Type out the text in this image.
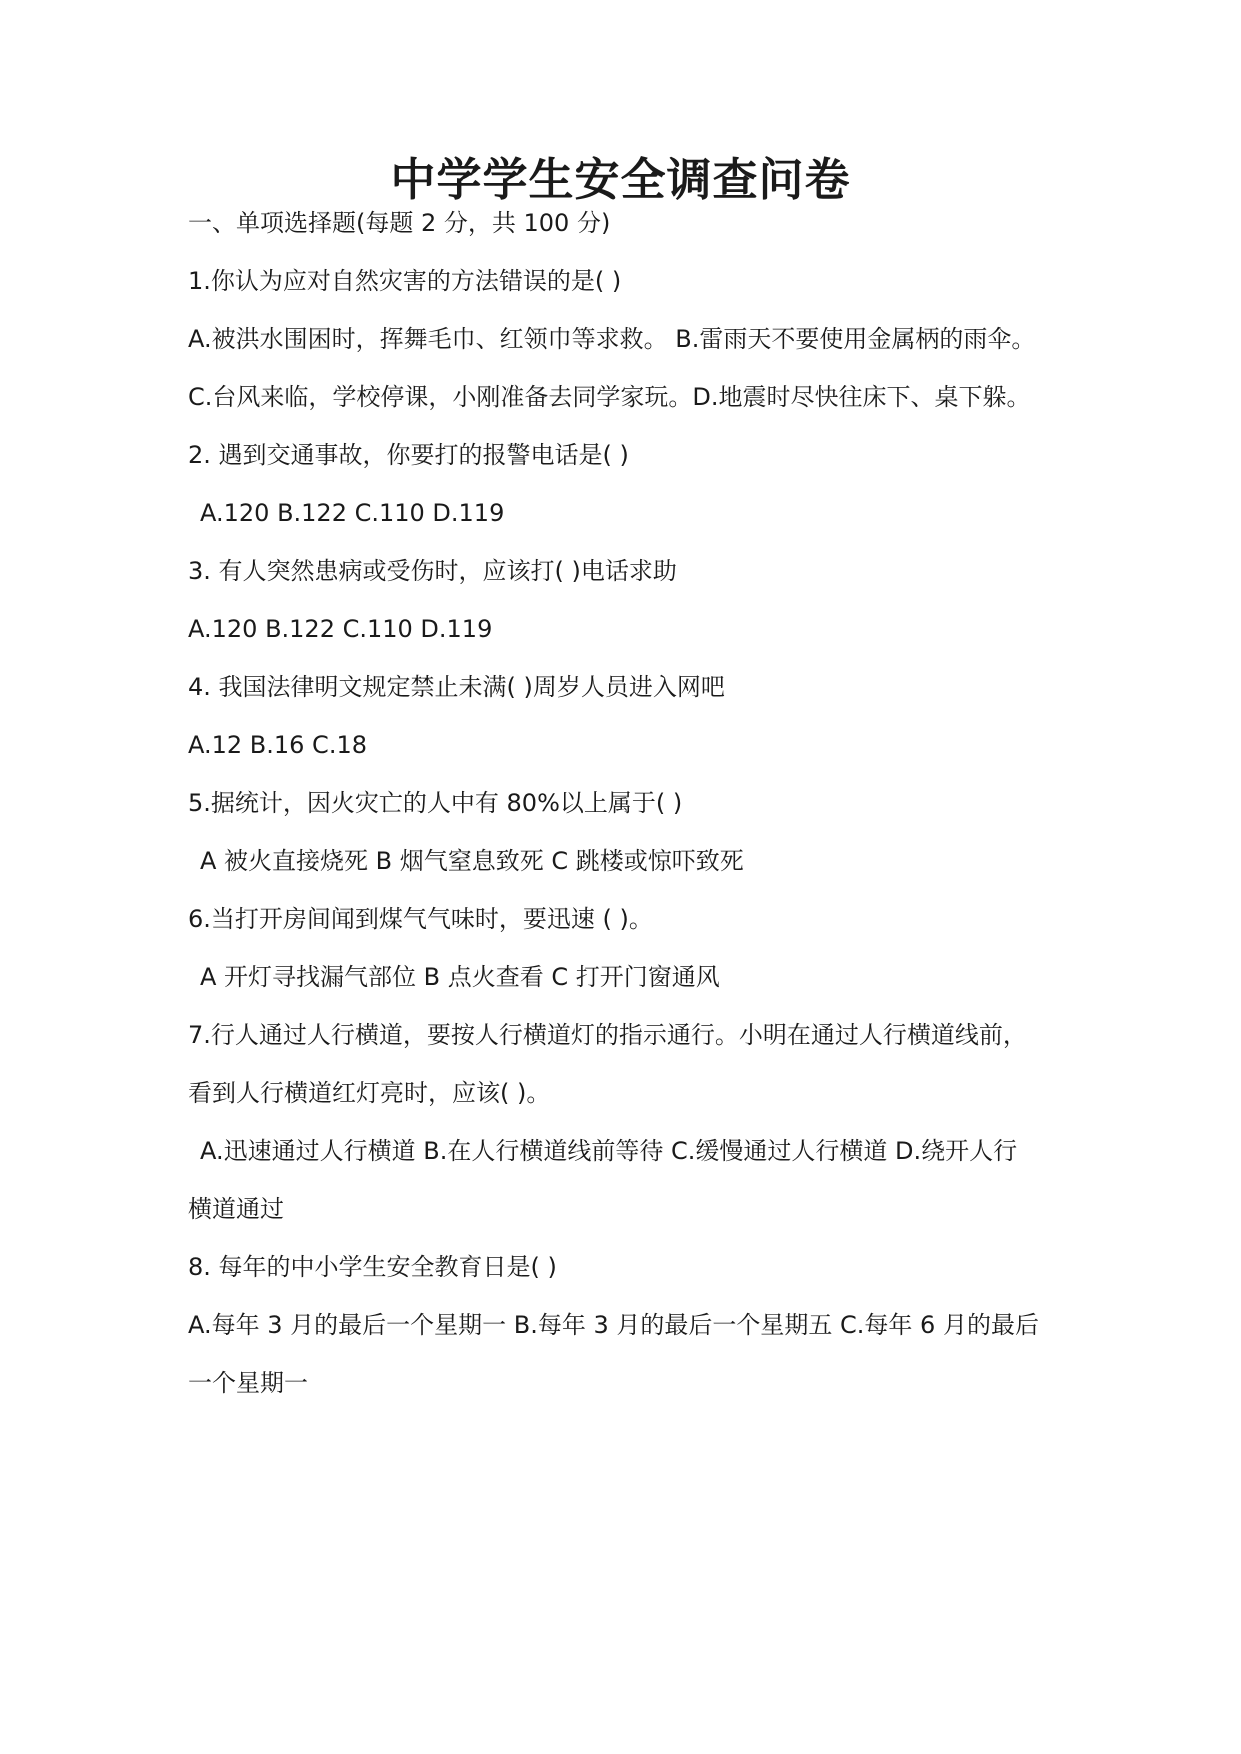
中学学生安全调查问卷

一、单项选择题(每题 2 分，共 100 分)

1.你认为应对自然灾害的方法错误的是( )

A.被洪水围困时，挥舞毛巾、红领巾等求救。 B.雷雨天不要使用金属柄的雨伞。

C.台风来临，学校停课，小刚准备去同学家玩。D.地震时尽快往床下、桌下躲。

2. 遇到交通事故，你要打的报警电话是( )

A.120 B.122 C.110 D.119

3. 有人突然患病或受伤时，应该打( )电话求助

A.120 B.122 C.110 D.119

4. 我国法律明文规定禁止未满( )周岁人员进入网吧

A.12 B.16 C.18

5.据统计，因火灾亡的人中有 80%以上属于( )

A 被火直接烧死 B 烟气窒息致死 C 跳楼或惊吓致死

6.当打开房间闻到煤气气味时，要迅速 ( )。

A 开灯寻找漏气部位 B 点火查看 C 打开门窗通风

7.行人通过人行横道，要按人行横道灯的指示通行。小明在通过人行横道线前，

看到人行横道红灯亮时，应该( )。

A.迅速通过人行横道 B.在人行横道线前等待 C.缓慢通过人行横道 D.绕开人行

横道通过

8. 每年的中小学生安全教育日是( )

A.每年 3 月的最后一个星期一 B.每年 3 月的最后一个星期五 C.每年 6 月的最后

一个星期一
